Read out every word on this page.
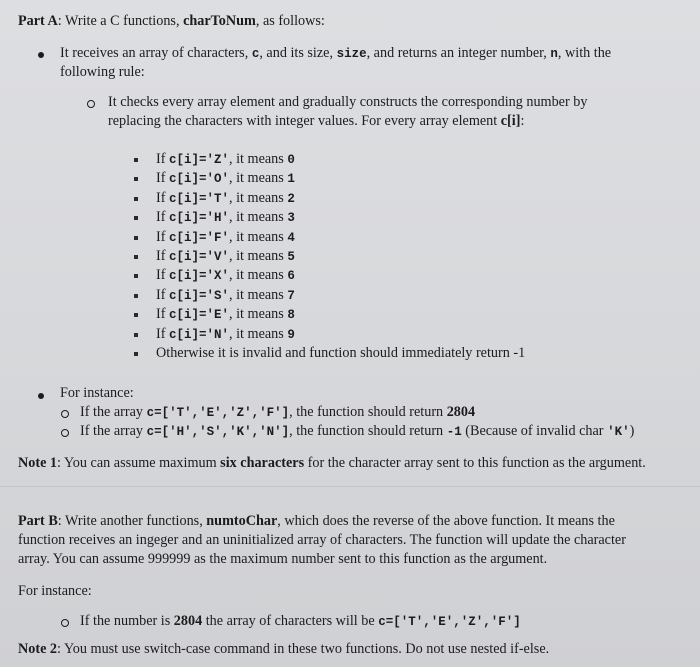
Part A: Write a C functions, charToNum, as follows:
It receives an array of characters, c, and its size, size, and returns an integer number, n, with the
following rule:
It checks every array element and gradually constructs the corresponding number by
replacing the characters with integer values. For every array element c[i]:
If c[i]='Z', it means 0
If c[i]='O', it means 1
If c[i]='T', it means 2
If c[i]='H', it means 3
If c[i]='F', it means 4
If c[i]='V', it means 5
If c[i]='X', it means 6
If c[i]='S', it means 7
If c[i]='E', it means 8
If c[i]='N', it means 9
Otherwise it is invalid and function should immediately return -1
For instance:
If the array c=['T','E','Z','F'], the function should return 2804
If the array c=['H','S','K','N'], the function should return -1 (Because of invalid char 'K')
Note 1: You can assume maximum six characters for the character array sent to this function as the argument.
Part B: Write another functions, numtoChar, which does the reverse of the above function. It means the
function receives an ingeger and an uninitialized array of characters. The function will update the character
array. You can assume 999999 as the maximum number sent to this function as the argument.
For instance:
If the number is 2804 the array of characters will be c=['T','E','Z','F']
Note 2: You must use switch-case command in these two functions. Do not use nested if-else.
